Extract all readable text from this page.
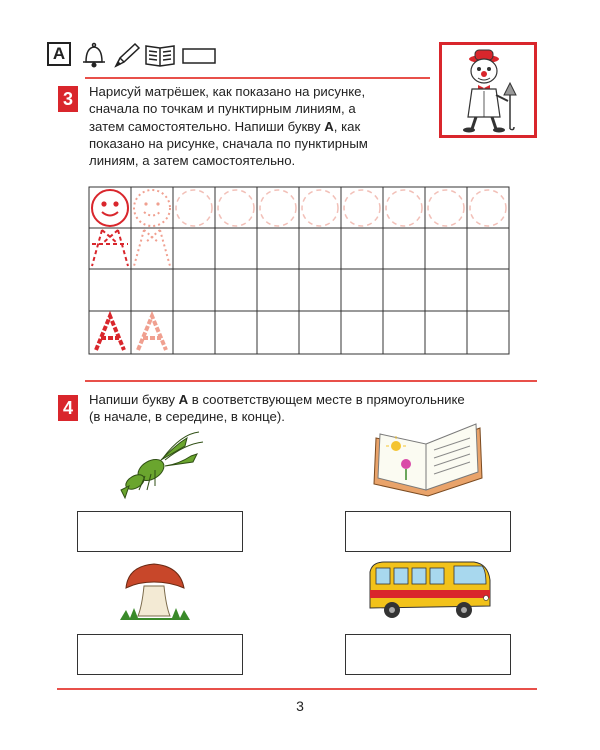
А
3 Нарисуй матрёшек, как показано на рисунке,
сначала по точкам и пунктирным линиям, а
затем самостоятельно. Напиши букву А, как
показано на рисунке, сначала по пунктирным
линиям, а затем самостоятельно.
4 Напиши букву А в соответствующем месте в прямоугольнике
(в начале, в середине, в конце).
3
